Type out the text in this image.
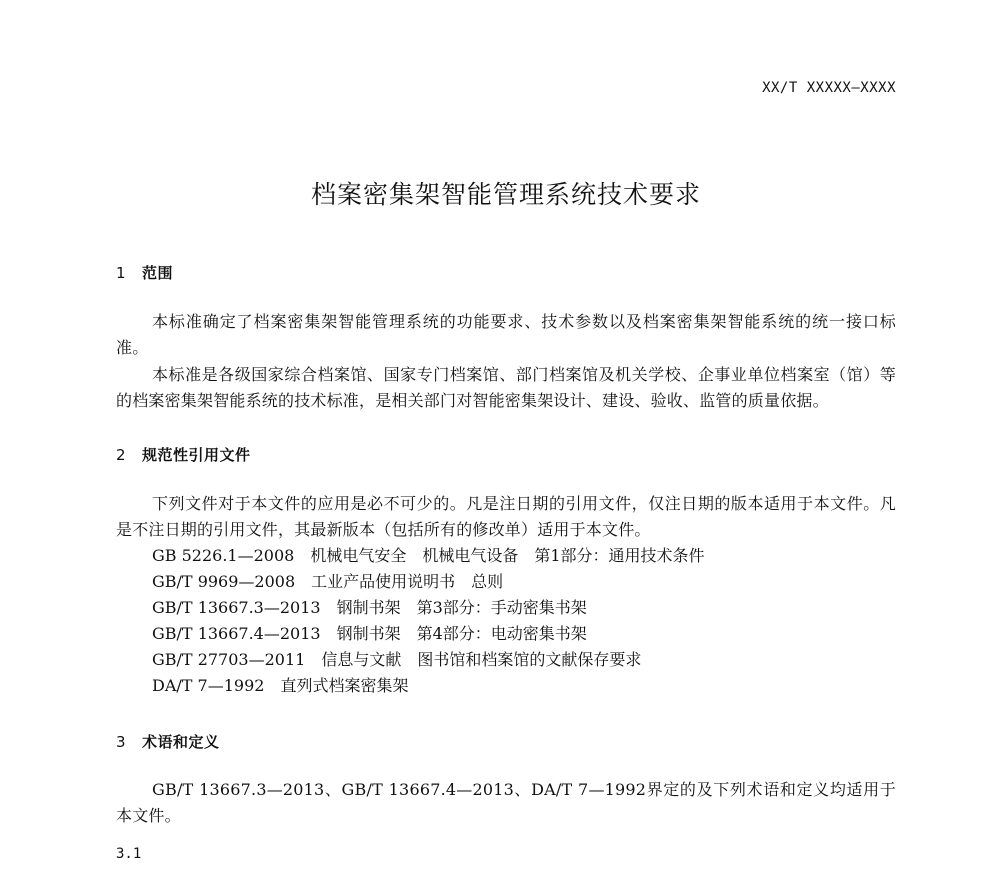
XX/T XXXXX—XXXX
档案密集架智能管理系统技术要求
1 范围
本标准确定了档案密集架智能管理系统的功能要求、技术参数以及档案密集架智能系统的统一接口标准。
本标准是各级国家综合档案馆、国家专门档案馆、部门档案馆及机关学校、企事业单位档案室（馆）等的档案密集架智能系统的技术标准，是相关部门对智能密集架设计、建设、验收、监管的质量依据。
2 规范性引用文件
下列文件对于本文件的应用是必不可少的。凡是注日期的引用文件，仅注日期的版本适用于本文件。凡是不注日期的引用文件，其最新版本（包括所有的修改单）适用于本文件。
GB 5226.1—2008 机械电气安全　机械电气设备　第1部分：通用技术条件
GB/T 9969—2008 工业产品使用说明书　总则
GB/T 13667.3—2013 钢制书架　第3部分：手动密集书架
GB/T 13667.4—2013 钢制书架　第4部分：电动密集书架
GB/T 27703—2011 信息与文献　图书馆和档案馆的文献保存要求
DA/T 7—1992 直列式档案密集架
3 术语和定义
GB/T 13667.3—2013、GB/T 13667.4—2013、DA/T 7—1992界定的及下列术语和定义均适用于本文件。
3.1
